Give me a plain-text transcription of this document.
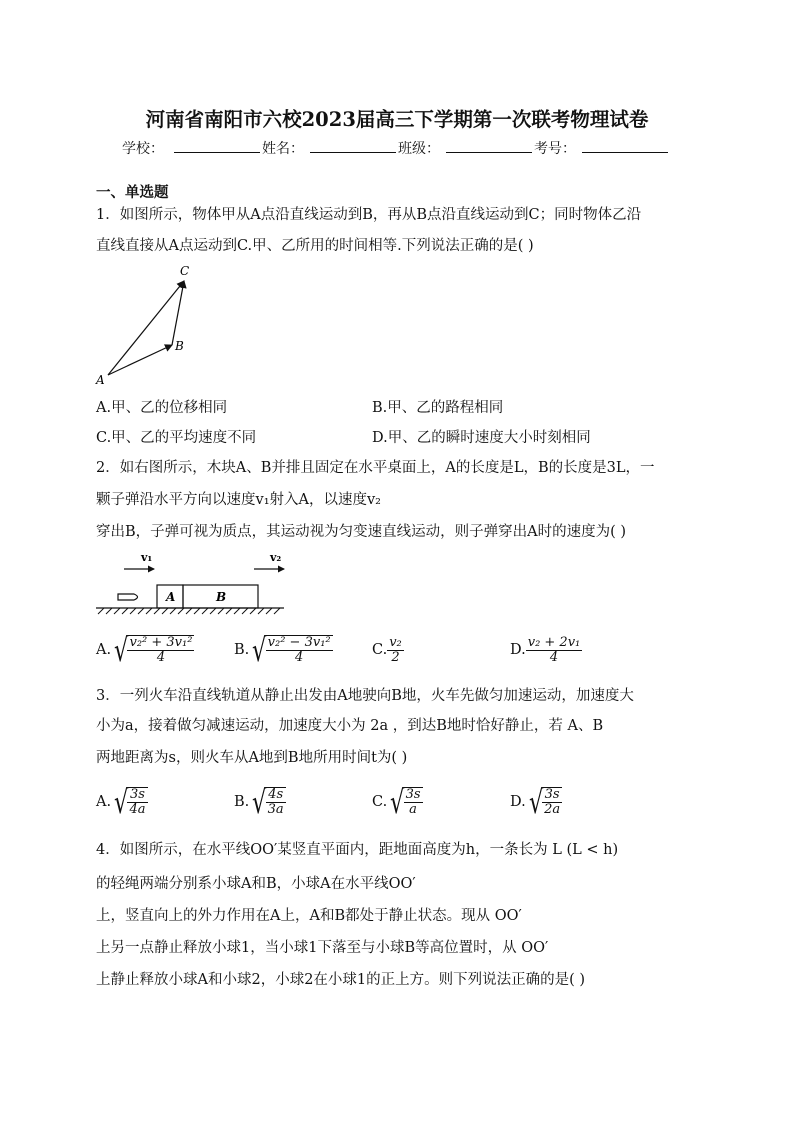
河南省南阳市六校2023届高三下学期第一次联考物理试卷
学校：	姓名：	班级：	考号：
一、单选题
1．如图所示，物体甲从A点沿直线运动到B，再从B点沿直线运动到C；同时物体乙沿
直线直接从A点运动到C.甲、乙所用的时间相等.下列说法正确的是( )
C
B
A
A.甲、乙的位移相同	B.甲、乙的路程相同
C.甲、乙的平均速度不同	D.甲、乙的瞬时速度大小时刻相同
2．如右图所示，木块A、B并排且固定在水平桌面上，A的长度是L，B的长度是3L，一
颗子弹沿水平方向以速度v₁射入A，以速度v₂
穿出B，子弹可视为质点，其运动视为匀变速直线运动，则子弹穿出A时的速度为( )
v₁	v₂
A	B
A. √ $\frac{\text{v₂² + 3v₁²}}{4}$	B. √ $\frac{\text{v₂² − 3v₁²}}{4}$	C. $\frac{\text{v₂}}{2}$	D. $\frac{\text{v₂ + 2v₁}}{4}$
3．一列火车沿直线轨道从静止出发由A地驶向B地，火车先做匀加速运动，加速度大
小为a，接着做匀减速运动，加速度大小为 2a ，到达B地时恰好静止，若 A、B
两地距离为s，则火车从A地到B地所用时间t为( )
A. √ $\frac{3s}{4a}$	B. √ $\frac{4s}{3a}$	C. √ $\frac{3s}{a}$	D. √ $\frac{3s}{2a}$
4．如图所示，在水平线OO′某竖直平面内，距地面高度为h，一条长为 L (L < h)
的轻绳两端分别系小球A和B，小球A在水平线OO′
上，竖直向上的外力作用在A上，A和B都处于静止状态。现从 OO′
上另一点静止释放小球1，当小球1下落至与小球B等高位置时，从 OO′
上静止释放小球A和小球2，小球2在小球1的正上方。则下列说法正确的是( )
